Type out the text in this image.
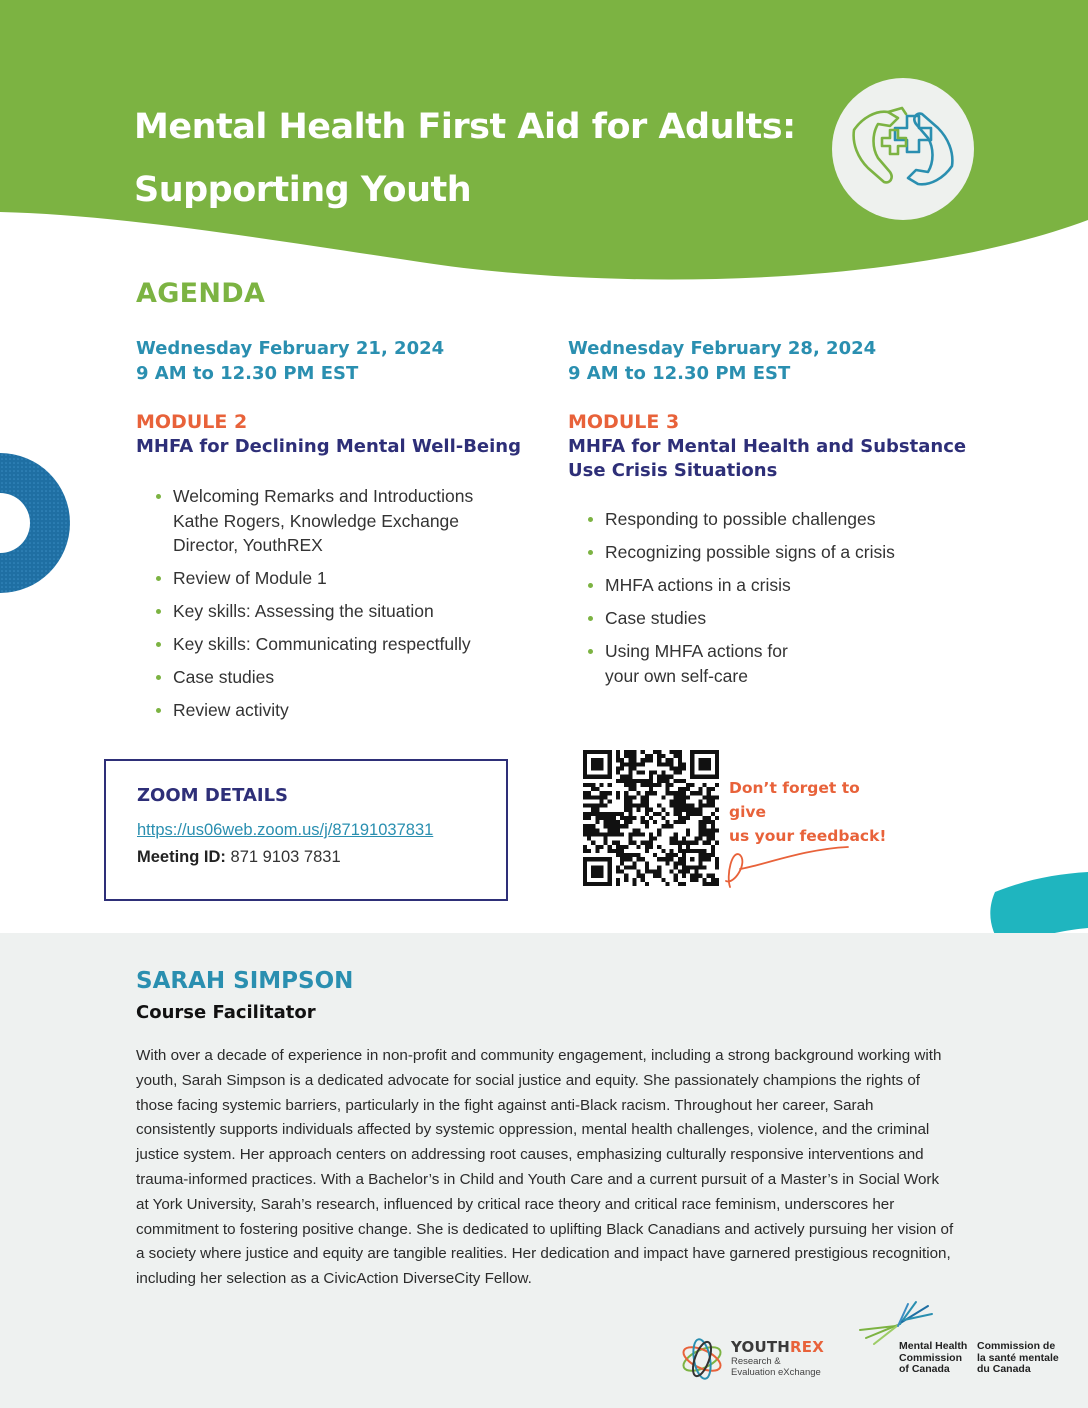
Mental Health First Aid for Adults:
Supporting Youth
AGENDA
Wednesday February 21, 2024
9 AM to 12.30 PM EST
MODULE 2
MHFA for Declining Mental Well-Being
Welcoming Remarks and Introductions Kathe Rogers, Knowledge Exchange Director, YouthREX
Review of Module 1
Key skills: Assessing the situation
Key skills: Communicating respectfully
Case studies
Review activity
Wednesday February 28, 2024
9 AM to 12.30 PM EST
MODULE 3
MHFA for Mental Health and Substance
Use Crisis Situations
Responding to possible challenges
Recognizing possible signs of a crisis
MHFA actions in a crisis
Case studies
Using MHFA actions for your own self-care
ZOOM DETAILS
https://us06web.zoom.us/j/87191037831
Meeting ID: 871 9103 7831
Don’t forget to give
us your feedback!
SARAH SIMPSON
Course Facilitator
With over a decade of experience in non-profit and community engagement, including a strong background working with youth, Sarah Simpson is a dedicated advocate for social justice and equity. She passionately champions the rights of those facing systemic barriers, particularly in the fight against anti-Black racism. Throughout her career, Sarah consistently supports individuals affected by systemic oppression, mental health challenges, violence, and the criminal justice system. Her approach centers on addressing root causes, emphasizing culturally responsive interventions and trauma-informed practices. With a Bachelor’s in Child and Youth Care and a current pursuit of a Master’s in Social Work at York University, Sarah’s research, influenced by critical race theory and critical race feminism, underscores her commitment to fostering positive change. She is dedicated to uplifting Black Canadians and actively pursuing her vision of a society where justice and equity are tangible realities. Her dedication and impact have garnered prestigious recognition, including her selection as a CivicAction DiverseCity Fellow.
YOUTHREX
Research &
Evaluation eXchange
Mental Health
Commission
of Canada
Commission de
la santé mentale
du Canada
